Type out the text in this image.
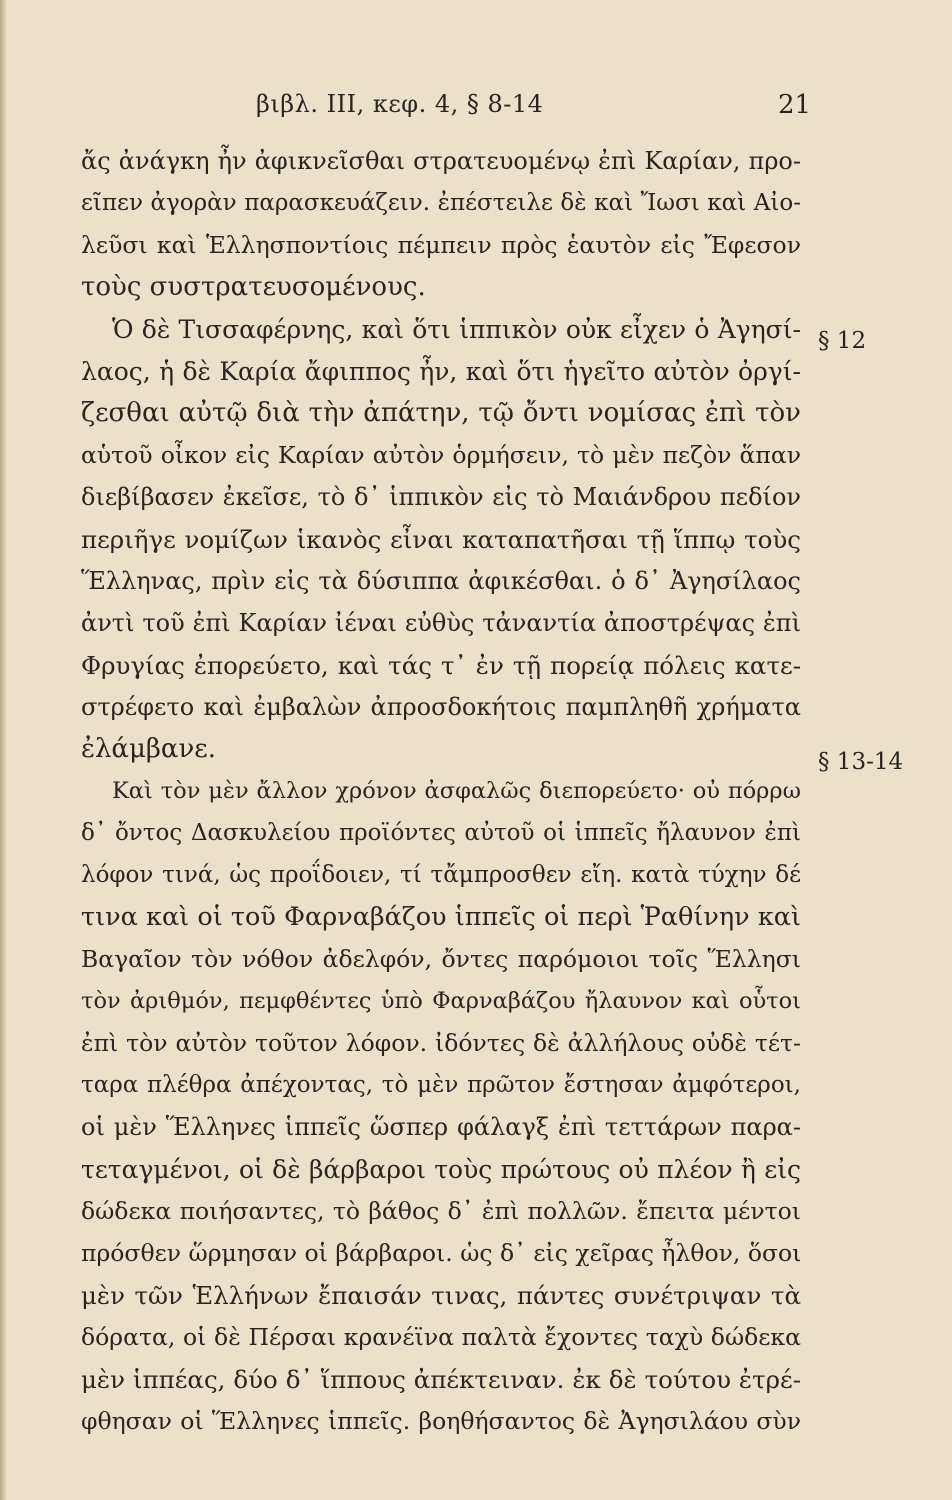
βιβλ. ΙΙΙ, κεφ. 4, § 8-14	21
§ 12
§ 13-14
ἄς ἀνάγκη ἦν ἀφικνεῖσθαι στρατευομένῳ ἐπὶ Καρίαν, προ-
εῖπεν ἀγορὰν παρασκευάζειν. ἐπέστειλε δὲ καὶ Ἴωσι καὶ Αἰο-
λεῦσι καὶ Ἑλλησποντίοις πέμπειν πρὸς ἑαυτὸν εἰς Ἔφεσον
τοὺς συστρατευσομένους.
Ὁ δὲ Τισσαφέρνης, καὶ ὅτι ἱππικὸν οὐκ εἶχεν ὁ Ἀγησί-
λαος, ἡ δὲ Καρία ἄφιππος ἦν, καὶ ὅτι ἡγεῖτο αὐτὸν ὀργί-
ζεσθαι αὐτῷ διὰ τὴν ἀπάτην, τῷ ὄντι νομίσας ἐπὶ τὸν
αὑτοῦ οἶκον εἰς Καρίαν αὐτὸν ὁρμήσειν, τὸ μὲν πεζὸν ἅπαν
διεβίβασεν ἐκεῖσε, τὸ δ᾽ ἱππικὸν εἰς τὸ Μαιάνδρου πεδίον
περιῆγε νομίζων ἱκανὸς εἶναι καταπατῆσαι τῇ ἵππῳ τοὺς
Ἕλληνας, πρὶν εἰς τὰ δύσιππα ἀφικέσθαι. ὁ δ᾽ Ἀγησίλαος
ἀντὶ τοῦ ἐπὶ Καρίαν ἰέναι εὐθὺς τἀναντία ἀποστρέψας ἐπὶ
Φρυγίας ἐπορεύετο, καὶ τάς τ᾽ ἐν τῇ πορείᾳ πόλεις κατε-
στρέφετο καὶ ἐμβαλὼν ἀπροσδοκήτοις παμπληθῆ χρήματα
ἐλάμβανε.
Καὶ τὸν μὲν ἄλλον χρόνον ἀσφαλῶς διεπορεύετο· οὐ πόρρω
δ᾽ ὄντος Δασκυλείου προϊόντες αὐτοῦ οἱ ἱππεῖς ἤλαυνον ἐπὶ
λόφον τινά, ὡς προΐδοιεν, τί τἄμπροσθεν εἴη. κατὰ τύχην δέ
τινα καὶ οἱ τοῦ Φαρναβάζου ἱππεῖς οἱ περὶ Ῥαθίνην καὶ
Βαγαῖον τὸν νόθον ἀδελφόν, ὄντες παρόμοιοι τοῖς Ἕλλησι
τὸν ἀριθμόν, πεμφθέντες ὑπὸ Φαρναβάζου ἤλαυνον καὶ οὗτοι
ἐπὶ τὸν αὐτὸν τοῦτον λόφον. ἰδόντες δὲ ἀλλήλους οὐδὲ τέτ-
ταρα πλέθρα ἀπέχοντας, τὸ μὲν πρῶτον ἔστησαν ἀμφότεροι,
οἱ μὲν Ἕλληνες ἱππεῖς ὥσπερ φάλαγξ ἐπὶ τεττάρων παρα-
τεταγμένοι, οἱ δὲ βάρβαροι τοὺς πρώτους οὐ πλέον ἢ εἰς
δώδεκα ποιήσαντες, τὸ βάθος δ᾽ ἐπὶ πολλῶν. ἔπειτα μέντοι
πρόσθεν ὥρμησαν οἱ βάρβαροι. ὡς δ᾽ εἰς χεῖρας ἦλθον, ὅσοι
μὲν τῶν Ἑλλήνων ἔπαισάν τινας, πάντες συνέτριψαν τὰ
δόρατα, οἱ δὲ Πέρσαι κρανέϊνα παλτὰ ἔχοντες ταχὺ δώδεκα
μὲν ἱππέας, δύο δ᾽ ἵππους ἀπέκτειναν. ἐκ δὲ τούτου ἐτρέ-
φθησαν οἱ Ἕλληνες ἱππεῖς. βοηθήσαντος δὲ Ἀγησιλάου σὺν
